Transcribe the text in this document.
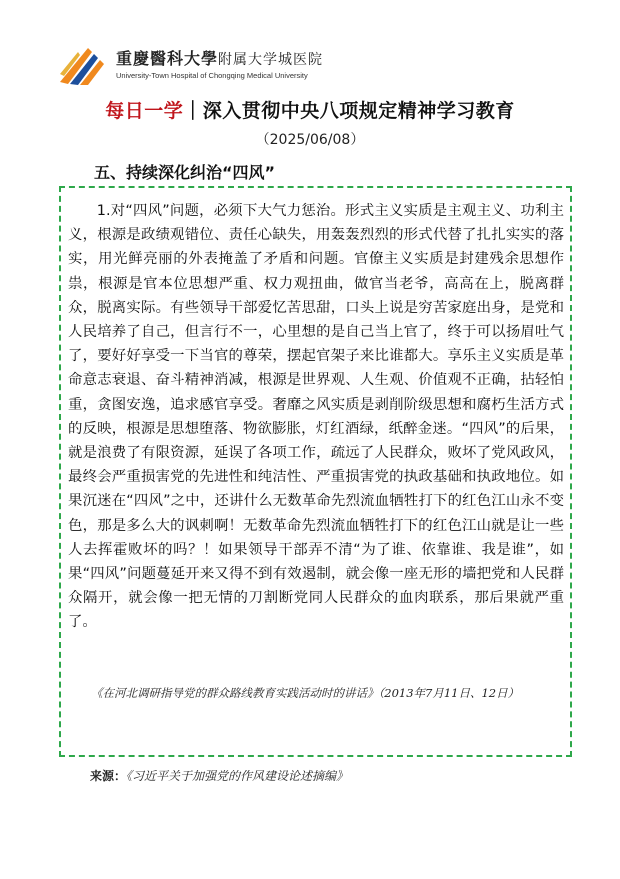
重慶醫科大學附属大学城医院
University-Town Hospital of Chongqing Medical University
每日一学｜深入贯彻中央八项规定精神学习教育
（2025/06/08）
五、持续深化纠治“四风”

1.对“四风”问题，必须下大气力惩治。形式主义实质是主观主义、功利主义，根源是政绩观错位、责任心缺失，用轰轰烈烈的形式代替了扎扎实实的落实，用光鲜亮丽的外表掩盖了矛盾和问题。官僚主义实质是封建残余思想作祟，根源是官本位思想严重、权力观扭曲，做官当老爷，高高在上，脱离群众，脱离实际。有些领导干部爱忆苦思甜，口头上说是穷苦家庭出身，是党和人民培养了自己，但言行不一，心里想的是自己当上官了，终于可以扬眉吐气了，要好好享受一下当官的尊荣，摆起官架子来比谁都大。享乐主义实质是革命意志衰退、奋斗精神消减，根源是世界观、人生观、价值观不正确，拈轻怕重，贪图安逸，追求感官享受。奢靡之风实质是剥削阶级思想和腐朽生活方式的反映，根源是思想堕落、物欲膨胀，灯红酒绿，纸醉金迷。“四风”的后果，就是浪费了有限资源，延误了各项工作，疏远了人民群众，败坏了党风政风，最终会严重损害党的先进性和纯洁性、严重损害党的执政基础和执政地位。如果沉迷在“四风”之中，还讲什么无数革命先烈流血牺牲打下的红色江山永不变色，那是多么大的讽刺啊！无数革命先烈流血牺牲打下的红色江山就是让一些人去挥霍败坏的吗？！如果领导干部弄不清“为了谁、依靠谁、我是谁”，如果“四风”问题蔓延开来又得不到有效遏制，就会像一座无形的墙把党和人民群众隔开，就会像一把无情的刀割断党同人民群众的血肉联系，那后果就严重了。

《在河北调研指导党的群众路线教育实践活动时的讲话》（2013年7月11日、12日）

来源：《习近平关于加强党的作风建设论述摘编》
